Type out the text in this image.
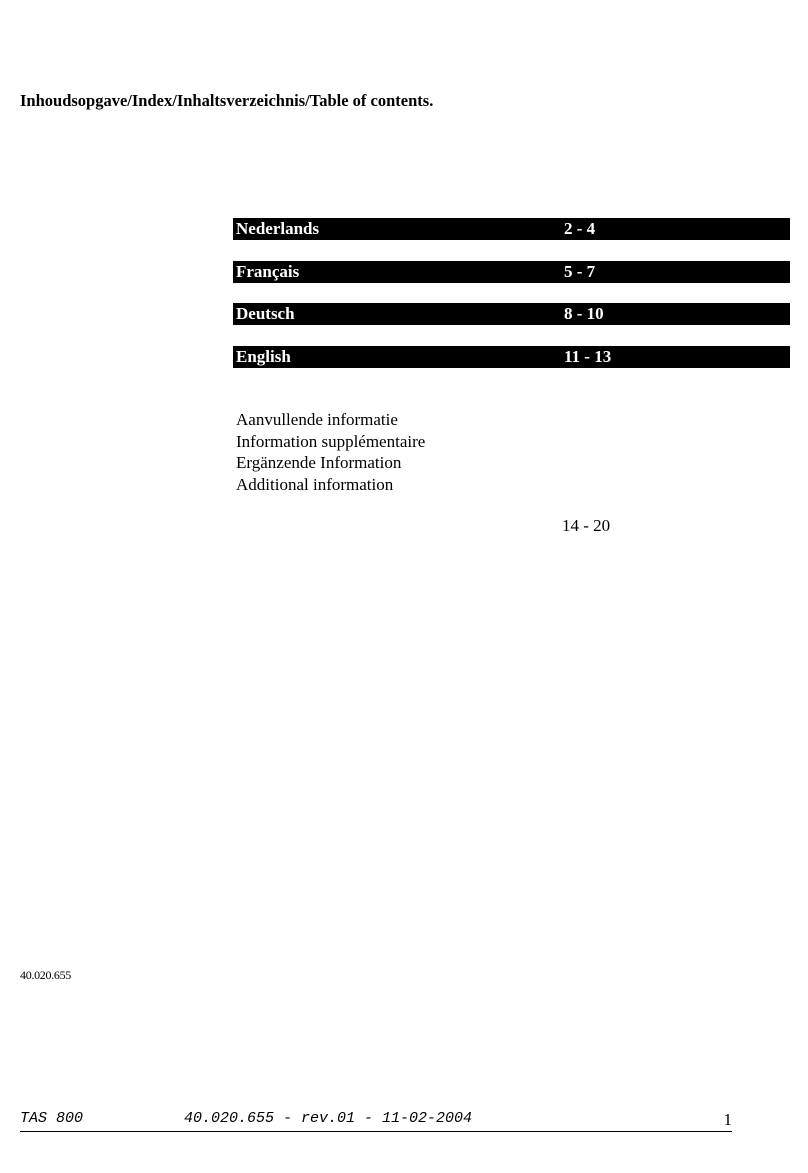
Inhoudsopgave/Index/Inhaltsverzeichnis/Table of contents.
Nederlands	2 - 4
Français	5 - 7
Deutsch	8 - 10
English	11 - 13
Aanvullende informatie
Information supplémentaire
Ergänzende Information
Additional information
14 - 20
40.020.655
TAS 800	40.020.655 - rev.01 - 11-02-2004	1
